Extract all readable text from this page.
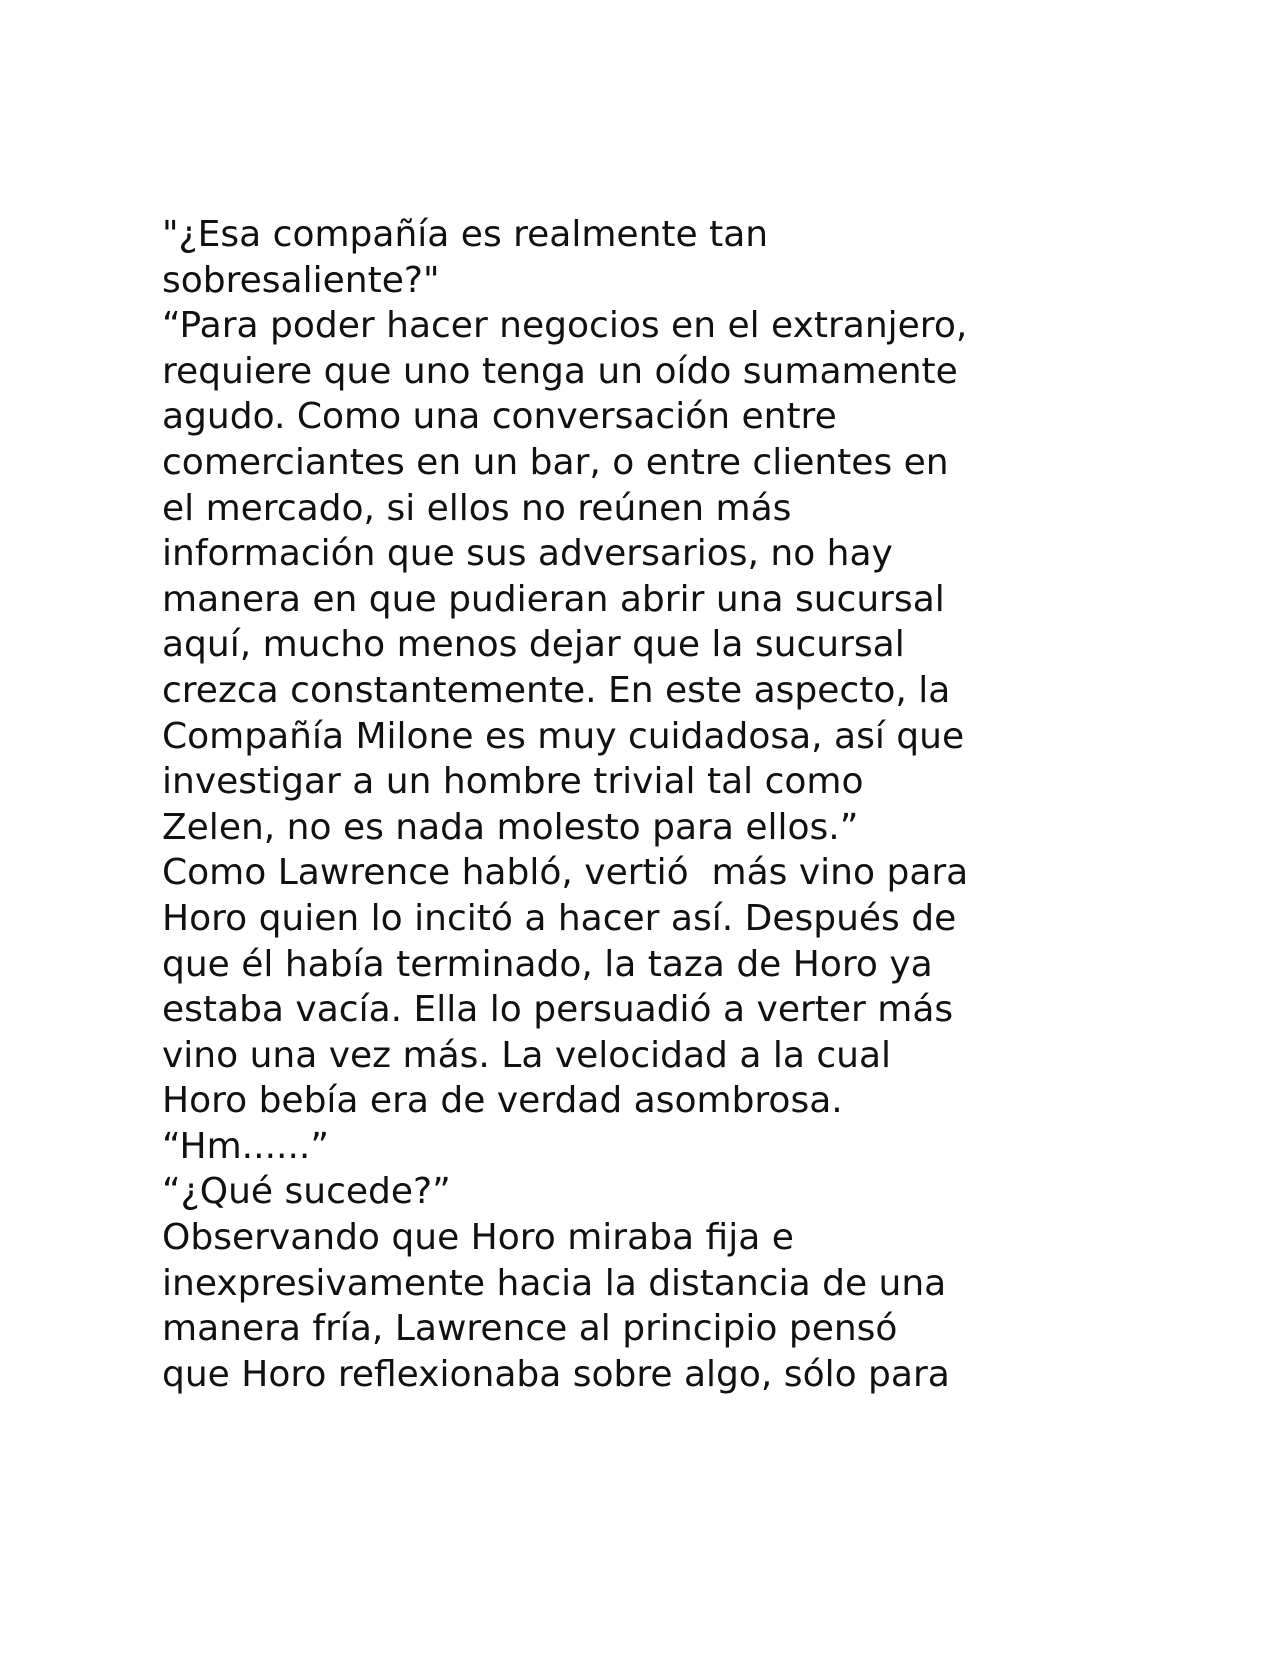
"¿Esa compañía es realmente tan
sobresaliente?"
“Para poder hacer negocios en el extranjero,
requiere que uno tenga un oído sumamente
agudo. Como una conversación entre
comerciantes en un bar, o entre clientes en
el mercado, si ellos no reúnen más
información que sus adversarios, no hay
manera en que pudieran abrir una sucursal
aquí, mucho menos dejar que la sucursal
crezca constantemente. En este aspecto, la
Compañía Milone es muy cuidadosa, así que
investigar a un hombre trivial tal como
Zelen, no es nada molesto para ellos.”
Como Lawrence habló, vertió  más vino para
Horo quien lo incitó a hacer así. Después de
que él había terminado, la taza de Horo ya
estaba vacía. Ella lo persuadió a verter más
vino una vez más. La velocidad a la cual
Horo bebía era de verdad asombrosa.
“Hm......”
“¿Qué sucede?”
Observando que Horo miraba fija e
inexpresivamente hacia la distancia de una
manera fría, Lawrence al principio pensó
que Horo reflexionaba sobre algo, sólo para
